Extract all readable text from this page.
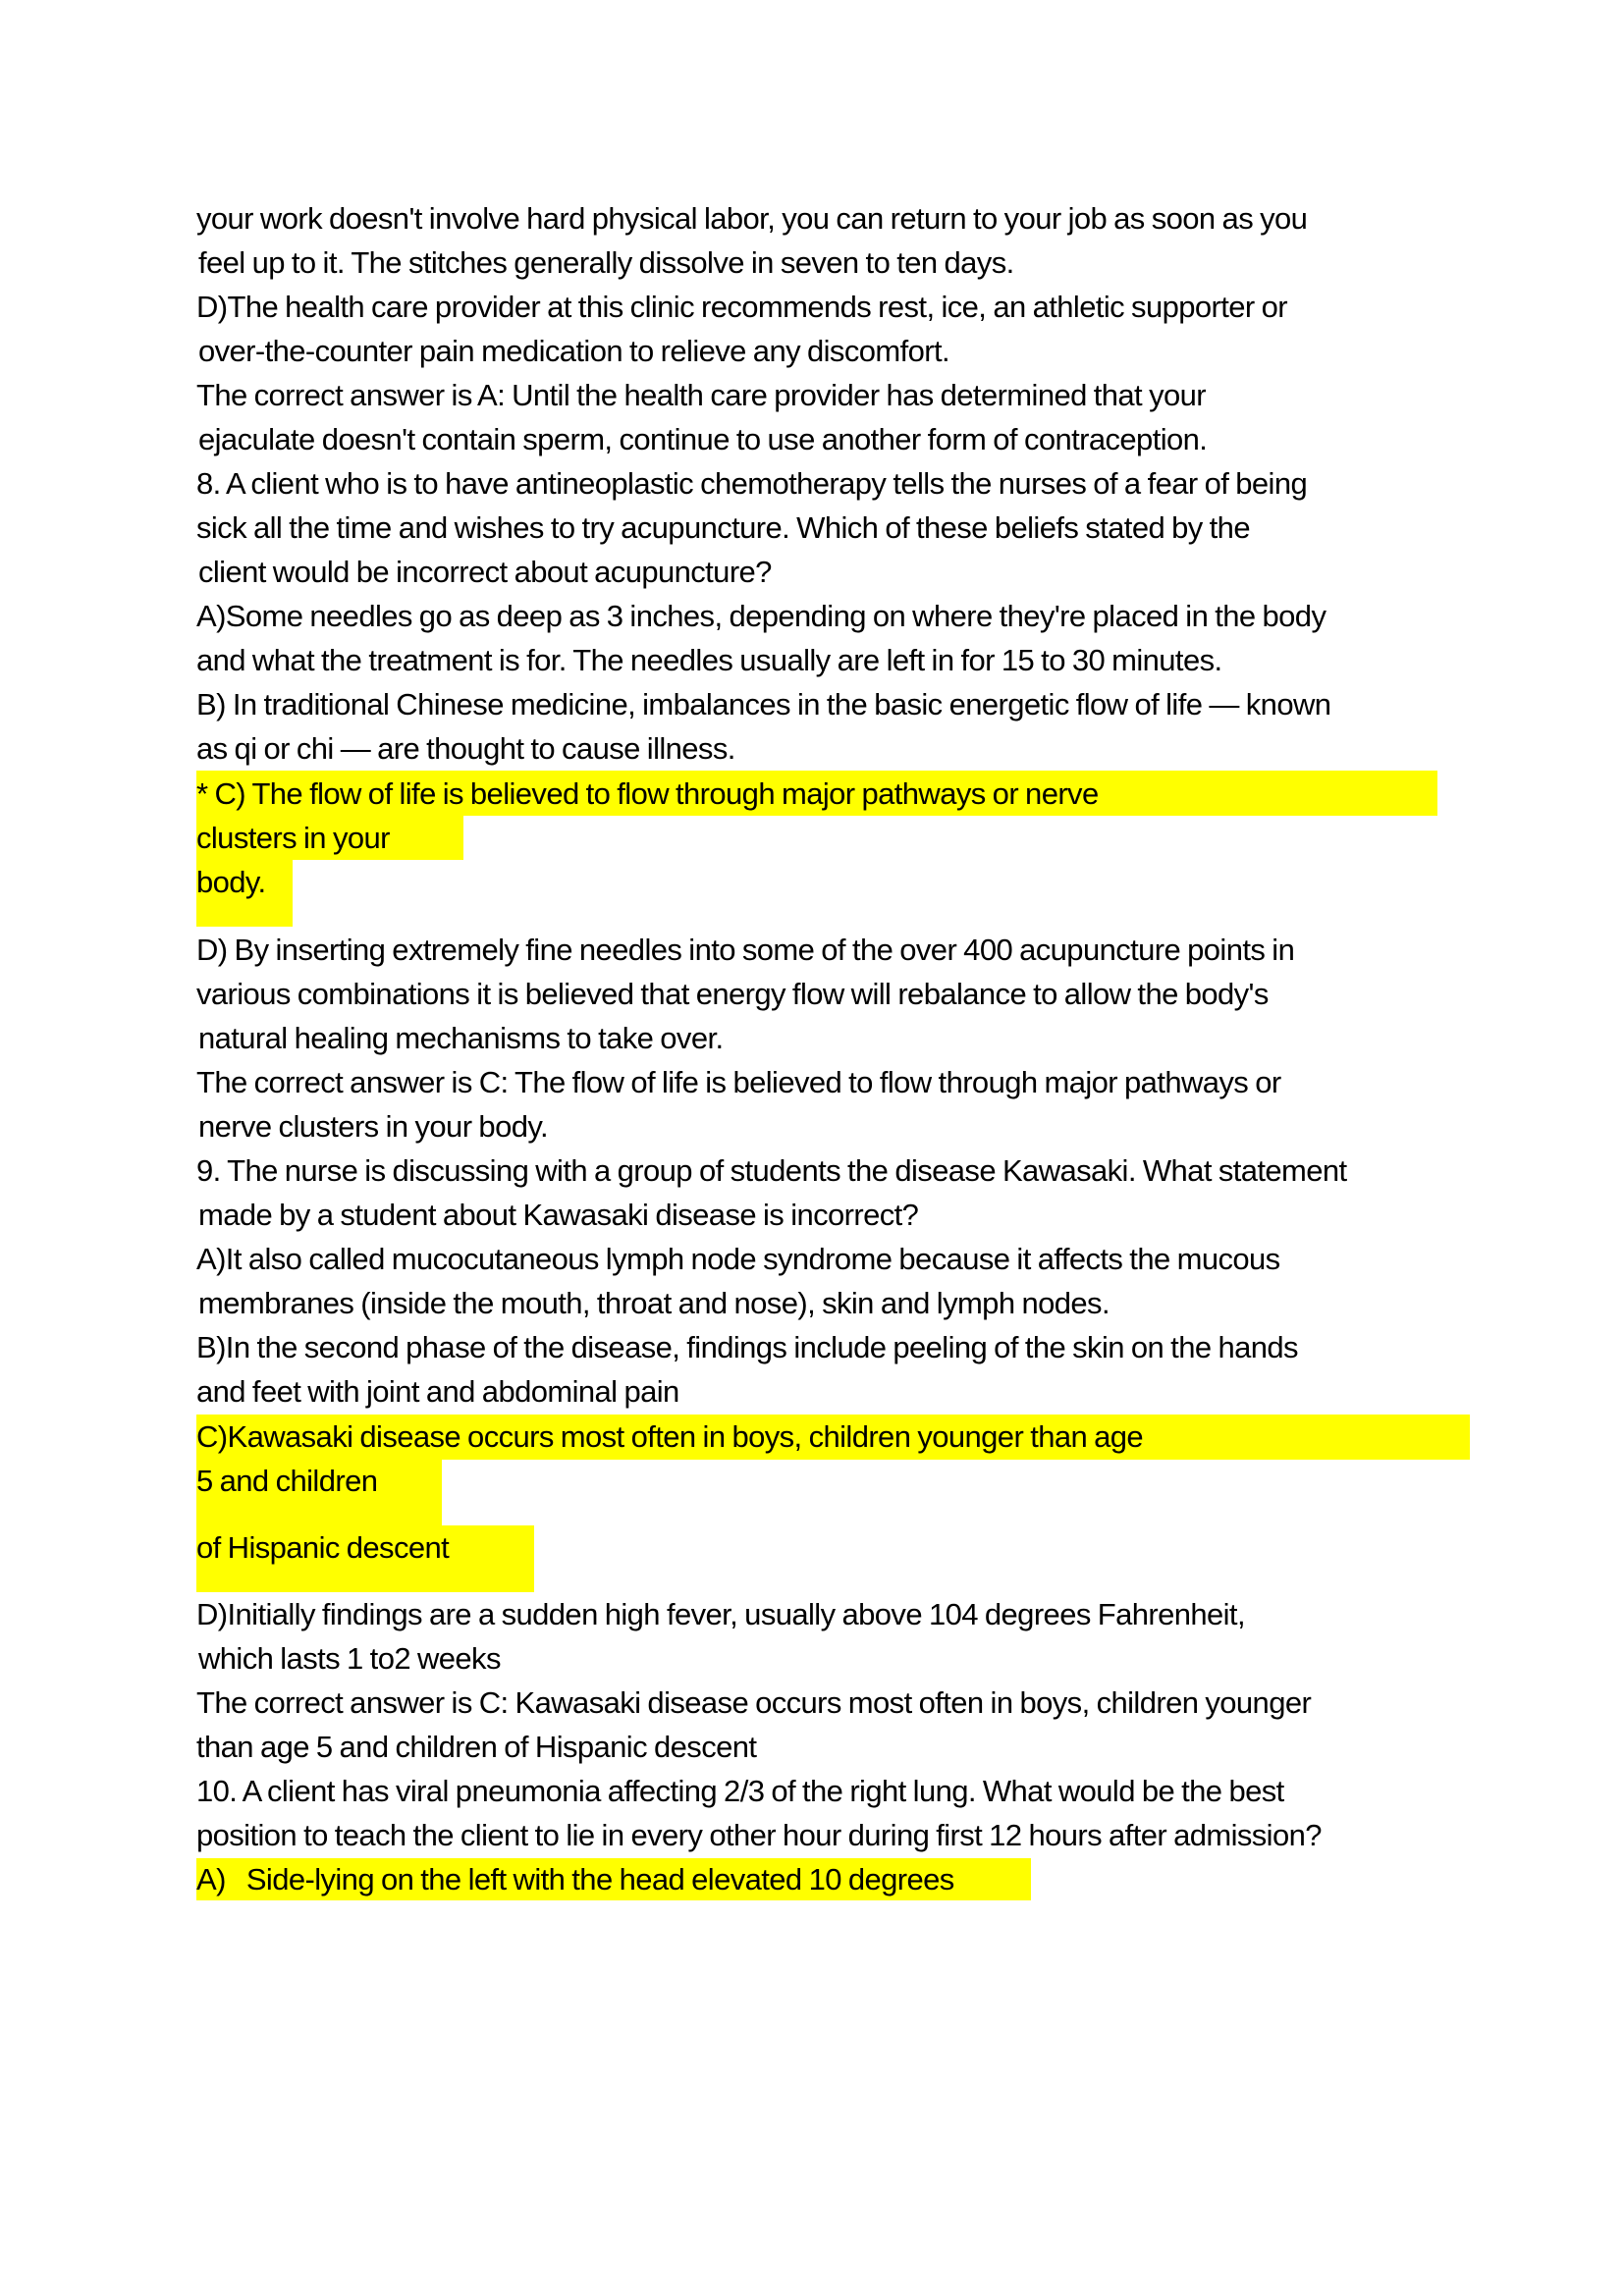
your work doesn't involve hard physical labor, you can return to your job as soon as you
feel up to it. The stitches generally dissolve in seven to ten days.
D)The health care provider at this clinic recommends rest, ice, an athletic supporter or
over-the-counter pain medication to relieve any discomfort.
The correct answer is A: Until the health care provider has determined that your
ejaculate doesn't contain sperm, continue to use another form of contraception.
8. A client who is to have antineoplastic chemotherapy tells the nurses of a fear of being
sick all the time and wishes to try acupuncture. Which of these beliefs stated by the
client would be incorrect about acupuncture?
A)Some needles go as deep as 3 inches, depending on where they're placed in the body
and what the treatment is for. The needles usually are left in for 15 to 30 minutes.
B) In traditional Chinese medicine, imbalances in the basic energetic flow of life — known
as qi or chi — are thought to cause illness.
* C) The flow of life is believed to flow through major pathways or nerve
clusters in your
body.
D) By inserting extremely fine needles into some of the over 400 acupuncture points in
various combinations it is believed that energy flow will rebalance to allow the body's
natural healing mechanisms to take over.
The correct answer is C: The flow of life is believed to flow through major pathways or
nerve clusters in your body.
9. The nurse is discussing with a group of students the disease Kawasaki. What statement
made by a student about Kawasaki disease is incorrect?
A)It also called mucocutaneous lymph node syndrome because it affects the mucous
membranes (inside the mouth, throat and nose), skin and lymph nodes.
B)In the second phase of the disease, findings include peeling of the skin on the hands
and feet with joint and abdominal pain
C)Kawasaki disease occurs most often in boys, children younger than age
5 and children
of Hispanic descent
D)Initially findings are a sudden high fever, usually above 104 degrees Fahrenheit,
which lasts 1 to2 weeks
The correct answer is C: Kawasaki disease occurs most often in boys, children younger
than age 5 and children of Hispanic descent
10. A client has viral pneumonia affecting 2/3 of the right lung. What would be the best
position to teach the client to lie in every other hour during first 12 hours after admission?
A)   Side-lying on the left with the head elevated 10 degrees
